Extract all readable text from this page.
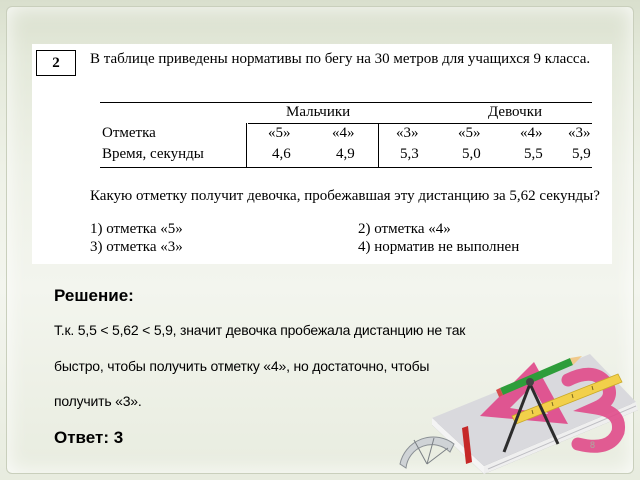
2	В таблице приведены нормативы по бегу на 30 метров для учащихся 9 класса.
Мальчики	Девочки
Отметка	«5»	«4»	«3»	«5»	«4» «3»
Время, секунды	4,6	4,9	5,3	5,0	5,5 5,9
Какую отметку получит девочка, пробежавшая эту дистанцию за 5,62 секунды?
1) отметка «5»	2) отметка «4»
3) отметка «3»	4) норматив не выполнен
Решение:
Т.к. 5,5 < 5,62 < 5,9, значит девочка пробежала дистанцию не так
быстро, чтобы получить отметку «4», но достаточно, чтобы
получить «3».
Ответ: 3	8
